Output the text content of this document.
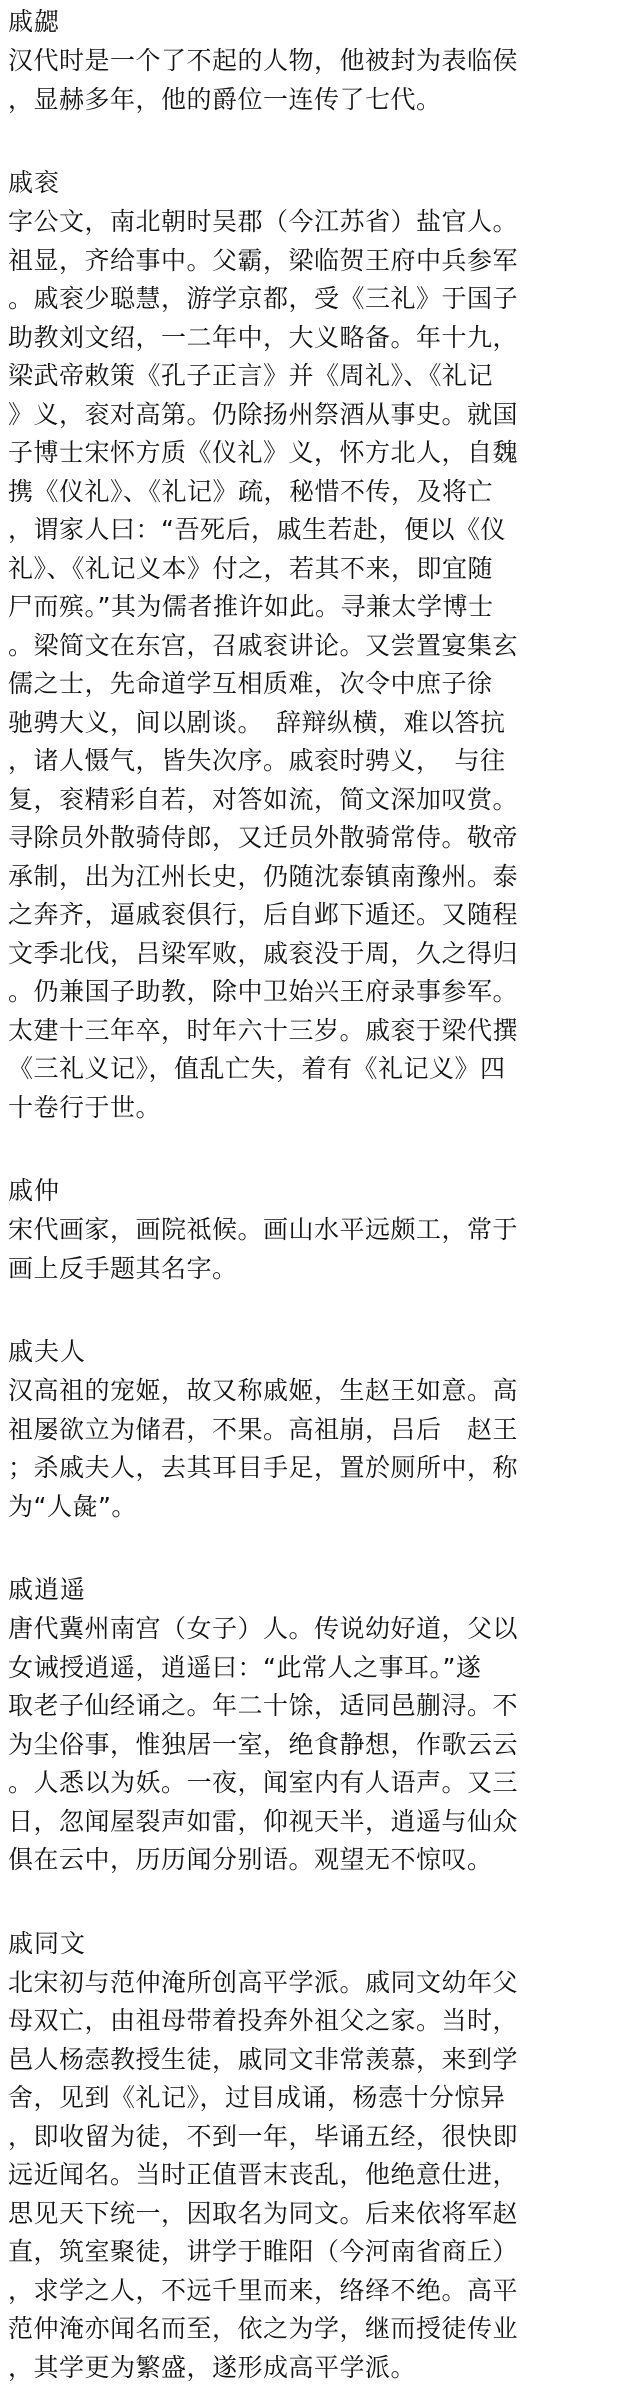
戚勰
汉代时是一个了不起的人物，他被封为表临侯
，显赫多年，他的爵位一连传了七代。
戚衮
字公文，南北朝时吴郡（今江苏省）盐官人。
祖显，齐给事中。父霸，梁临贺王府中兵参军
。戚衮少聪慧，游学京都，受《三礼》于国子
助教刘文绍，一二年中，大义略备。年十九，
梁武帝敕策《孔子正言》并《周礼》、《礼记
》义，衮对高第。仍除扬州祭酒从事史。就国
子博士宋怀方质《仪礼》义，怀方北人，自魏
携《仪礼》、《礼记》疏，秘惜不传，及将亡
，谓家人曰：“吾死后，戚生若赴，便以《仪
礼》、《礼记义本》付之，若其不来，即宜随
尸而殡。”其为儒者推许如此。寻兼太学博士
。梁简文在东宫，召戚衮讲论。又尝置宴集玄
儒之士，先命道学互相质难，次令中庶子徐
驰骋大义，间以剧谈。　辞辩纵横，难以答抗
，诸人慑气，皆失次序。戚衮时骋义，　与往
复，衮精彩自若，对答如流，简文深加叹赏。
寻除员外散骑侍郎，又迁员外散骑常侍。敬帝
承制，出为江州长史，仍随沈泰镇南豫州。泰
之奔齐，逼戚衮俱行，后自邺下遁还。又随程
文季北伐，吕梁军败，戚衮没于周，久之得归
。仍兼国子助教，除中卫始兴王府录事参军。
太建十三年卒，时年六十三岁。戚衮于梁代撰
《三礼义记》，值乱亡失，着有《礼记义》四
十卷行于世。
戚仲
宋代画家，画院祗候。画山水平远颇工，常于
画上反手题其名字。
戚夫人
汉高祖的宠姬，故又称戚姬，生赵王如意。高
祖屡欲立为储君，不果。高祖崩，吕后　赵王
；杀戚夫人，去其耳目手足，置於厕所中，称
为“人彘”。
戚逍遥
唐代冀州南宫（女子）人。传说幼好道，父以
女诫授逍遥，逍遥曰：“此常人之事耳。”遂
取老子仙经诵之。年二十馀，适同邑蒯浔。不
为尘俗事，惟独居一室，绝食静想，作歌云云
。人悉以为妖。一夜，闻室内有人语声。又三
日，忽闻屋裂声如雷，仰视天半，逍遥与仙众
俱在云中，历历闻分别语。观望无不惊叹。
戚同文
北宋初与范仲淹所创高平学派。戚同文幼年父
母双亡，由祖母带着投奔外祖父之家。当时，
邑人杨悫教授生徒，戚同文非常羡慕，来到学
舍，见到《礼记》，过目成诵，杨悫十分惊异
，即收留为徒，不到一年，毕诵五经，很快即
远近闻名。当时正值晋末丧乱，他绝意仕进，
思见天下统一，因取名为同文。后来依将军赵
直，筑室聚徒，讲学于睢阳（今河南省商丘）
，求学之人，不远千里而来，络绎不绝。高平
范仲淹亦闻名而至，依之为学，继而授徒传业
，其学更为繁盛，遂形成高平学派。
